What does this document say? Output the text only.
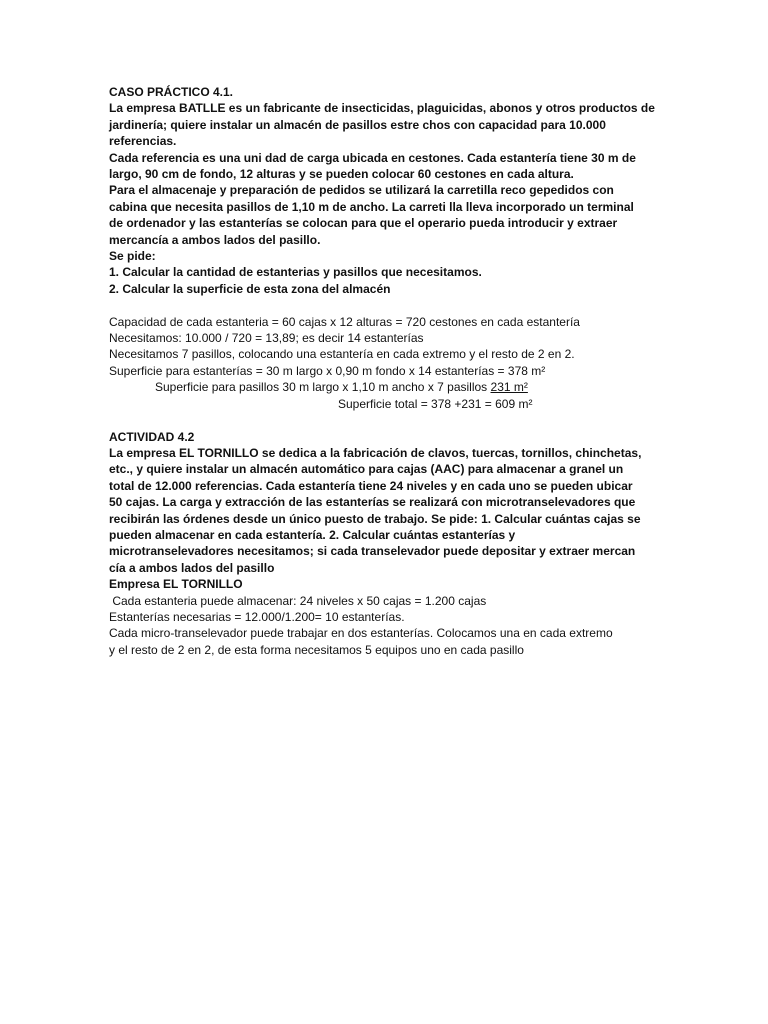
CASO PRÁCTICO 4.1.
La empresa BATLLE es un fabricante de insecticidas, plaguicidas, abonos y otros productos de
jardinería; quiere instalar un almacén de pasillos estre chos con capacidad para 10.000
referencias.
Cada referencia es una uni dad de carga ubicada en cestones. Cada estantería tiene 30 m de
largo, 90 cm de fondo, 12 alturas y se pueden colocar 60 cestones en cada altura.
Para el almacenaje y preparación de pedidos se utilizará la carretilla reco gepedidos con
cabina que necesita pasillos de 1,10 m de ancho. La carreti lla lleva incorporado un terminal
de ordenador y las estanterías se colocan para que el operario pueda introducir y extraer
mercancía a ambos lados del pasillo.
Se pide:
1. Calcular la cantidad de estanterias y pasillos que necesitamos.
2. Calcular la superficie de esta zona del almacén
Capacidad de cada estanteria = 60 cajas x 12 alturas = 720 cestones en cada estantería
Necesitamos: 10.000 / 720 = 13,89; es decir 14 estanterías
Necesitamos 7 pasillos, colocando una estantería en cada extremo y el resto de 2 en 2.
Superficie para estanterías = 30 m largo x 0,90 m fondo x 14 estanterías = 378 m²
Superficie para pasillos 30 m largo x 1,10 m ancho x 7 pasillos 231 m²
Superficie total = 378 +231 = 609 m²
ACTIVIDAD 4.2
La empresa EL TORNILLO se dedica a la fabricación de clavos, tuercas, tornillos, chinchetas,
etc., y quiere instalar un almacén automático para cajas (AAC) para almacenar a granel un
total de 12.000 referencias. Cada estantería tiene 24 niveles y en cada uno se pueden ubicar
50 cajas. La carga y extracción de las estanterías se realizará con microtranselevadores que
recibirán las órdenes desde un único puesto de trabajo. Se pide: 1. Calcular cuántas cajas se
pueden almacenar en cada estantería. 2. Calcular cuántas estanterías y
microtranselevadores necesitamos; si cada transelevador puede depositar y extraer mercan
cía a ambos lados del pasillo
Empresa EL TORNILLO
Cada estanteria puede almacenar: 24 niveles x 50 cajas = 1.200 cajas
Estanterías necesarias = 12.000/1.200= 10 estanterías.
Cada micro-transelevador puede trabajar en dos estanterías. Colocamos una en cada extremo
y el resto de 2 en 2, de esta forma necesitamos 5 equipos uno en cada pasillo
